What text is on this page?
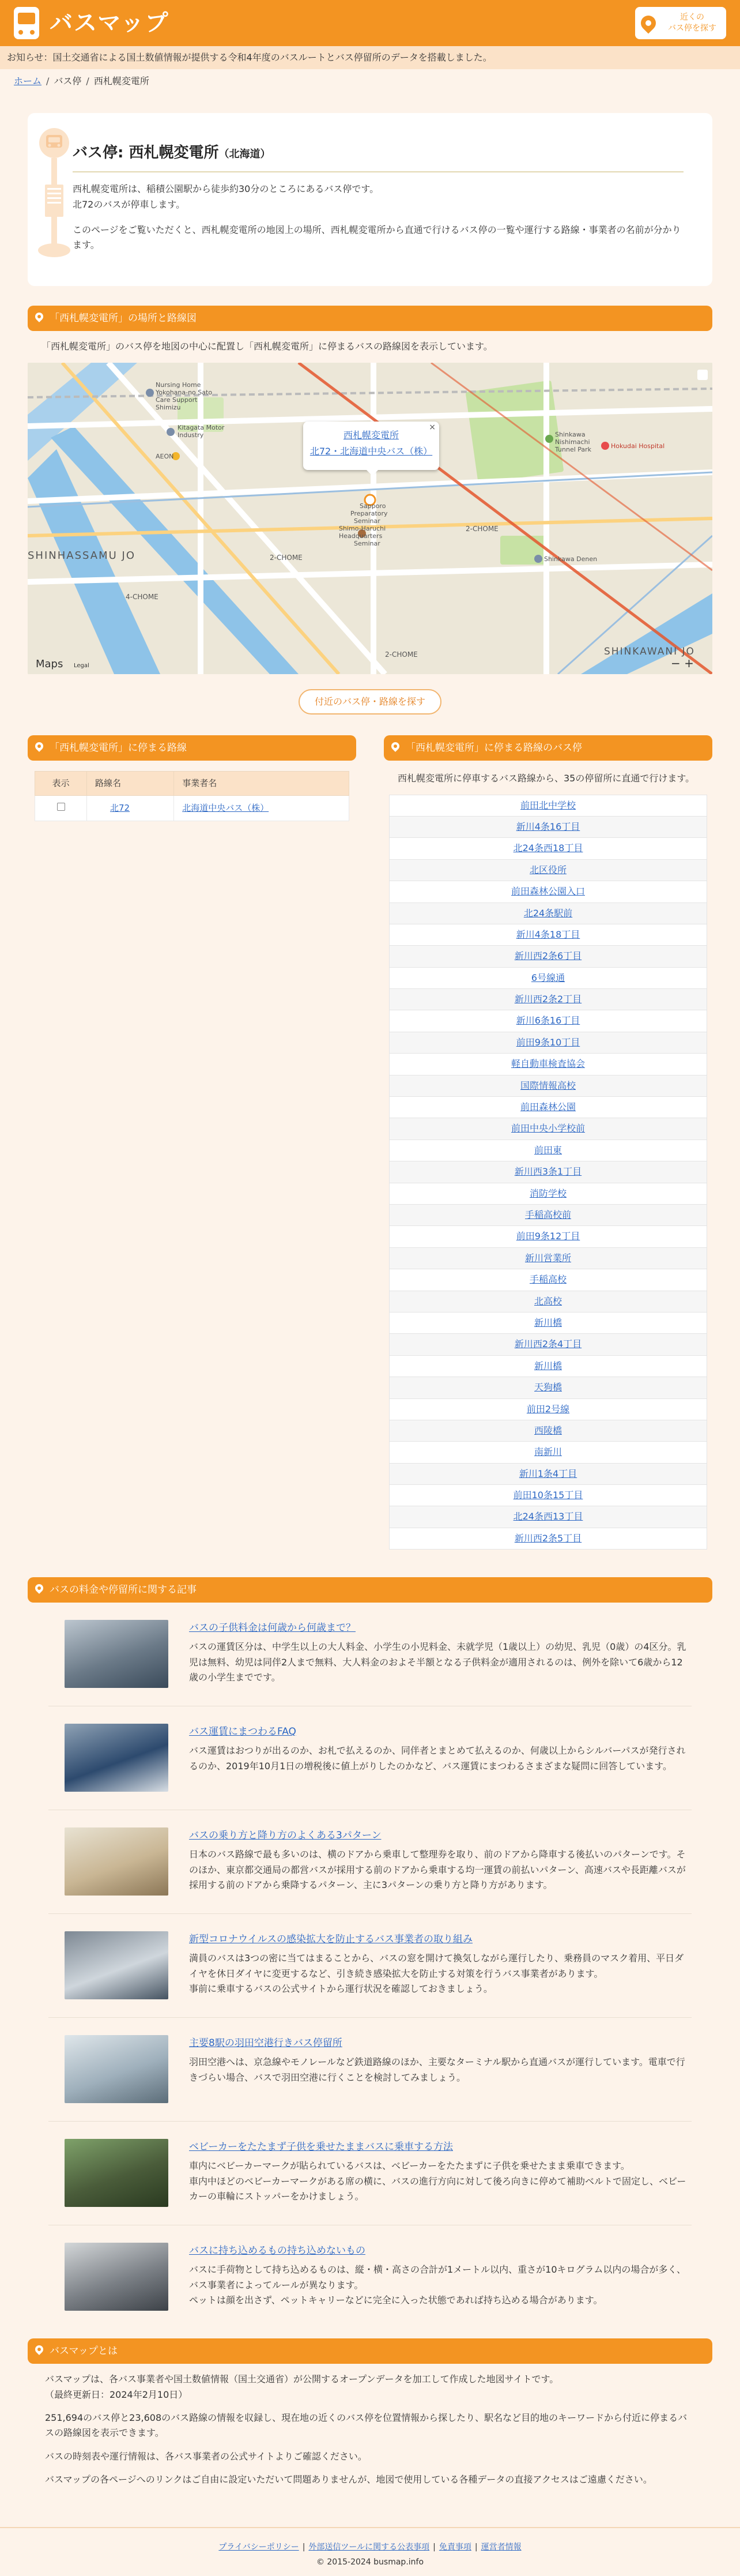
バスマップ	近くの
バス停を探す
お知らせ：国土交通省による国土数値情報が提供する令和4年度のバスルートとバス停留所のデータを搭載しました。
ホーム / バス停 / 西札幌変電所
バス停: 西札幌変電所（北海道）

西札幌変電所は、稲積公園駅から徒歩約30分のところにあるバス停です。
北72のバスが停車します。

このページをご覧いただくと、西札幌変電所の地図上の場所、西札幌変電所から直通で行けるバス停の一覧や運行する路線・事業者の名前が分かります。

「西札幌変電所」の場所と路線図

「西札幌変電所」のバス停を地図の中心に配置し「西札幌変電所」に停まるバスの路線図を表示しています。

Nursing Home
Yokohana-no Sato
Care Support
Shimizu
Kitagata Motor
Industry
AEON
Sapporo
Preparatory
Seminar
Shimo-Haruchi
Headquarters
Seminar
Shinkawa
Nishimachi
Tunnel Park	Hokudai Hospital
Shinkawa Denen
2-CHOME
2-CHOME
4-CHOME
2-CHOME
SHINHASSAMU JO
SHINKAWANI JO
Maps Legal	− +
×
西札幌変電所
北72・北海道中央バス（株）
付近のバス停・路線を探す
「西札幌変電所」に停まる路線
表示	路線名	事業者名
	北72	北海道中央バス（株）
「西札幌変電所」に停まる路線のバス停

西札幌変電所に停車するバス路線から、35の停留所に直通で行けます。

前田北中学校
新川4条16丁目
北24条西18丁目
北区役所
前田森林公園入口
北24条駅前
新川4条18丁目
新川西2条6丁目
6号線通
新川西2条2丁目
新川6条16丁目
前田9条10丁目
軽自動車検査協会
国際情報高校
前田森林公園
前田中央小学校前
前田東
新川西3条1丁目
消防学校
手稲高校前
前田9条12丁目
新川営業所
手稲高校
北高校
新川橋
新川西2条4丁目
新川橋
天狗橋
前田2号線
西陵橋
南新川
新川1条4丁目
前田10条15丁目
北24条西13丁目
新川西2条5丁目
バスの料金や停留所に関する記事
バスの子供料金は何歳から何歳まで？
バスの運賃区分は、中学生以上の大人料金、小学生の小児料金、未就学児（1歳以上）の幼児、乳児（0歳）の4区分。乳児は無料、幼児は同伴2人まで無料、大人料金のおよそ半額となる子供料金が適用されるのは、例外を除いて6歳から12歳の小学生までです。
バス運賃にまつわるFAQ
バス運賃はおつりが出るのか、お札で払えるのか、同伴者とまとめて払えるのか、何歳以上からシルバーパスが発行されるのか、2019年10月1日の増税後に値上がりしたのかなど、バス運賃にまつわるさまざまな疑問に回答しています。
バスの乗り方と降り方のよくある3パターン
日本のバス路線で最も多いのは、横のドアから乗車して整理券を取り、前のドアから降車する後払いのパターンです。そのほか、東京都交通局の都営バスが採用する前のドアから乗車する均一運賃の前払いパターン、高速バスや長距離バスが採用する前のドアから乗降するパターン、主に3パターンの乗り方と降り方があります。
新型コロナウイルスの感染拡大を防止するバス事業者の取り組み
満員のバスは3つの密に当てはまることから、バスの窓を開けて換気しながら運行したり、乗務員のマスク着用、平日ダイヤを休日ダイヤに変更するなど、引き続き感染拡大を防止する対策を行うバス事業者があります。
事前に乗車するバスの公式サイトから運行状況を確認しておきましょう。
主要8駅の羽田空港行きバス停留所
羽田空港へは、京急線やモノレールなど鉄道路線のほか、主要なターミナル駅から直通バスが運行しています。電車で行きづらい場合、バスで羽田空港に行くことを検討してみましょう。
ベビーカーをたたまず子供を乗せたままバスに乗車する方法
車内にベビーカーマークが貼られているバスは、ベビーカーをたたまずに子供を乗せたまま乗車できます。
車内中ほどのベビーカーマークがある席の横に、バスの進行方向に対して後ろ向きに停めて補助ベルトで固定し、ベビーカーの車輪にストッパーをかけましょう。
バスに持ち込めるもの持ち込めないもの
バスに手荷物として持ち込めるものは、縦・横・高さの合計が1メートル以内、重さが10キログラム以内の場合が多く、バス事業者によってルールが異なります。
ペットは顔を出さず、ペットキャリーなどに完全に入った状態であれば持ち込める場合があります。
バスマップとは

バスマップは、各バス事業者や国土数値情報（国土交通省）が公開するオープンデータを加工して作成した地図サイトです。
（最終更新日：2024年2月10日）

251,694のバス停と23,608のバス路線の情報を収録し、現在地の近くのバス停を位置情報から探したり、駅名など目的地のキーワードから付近に停まるバスの路線図を表示できます。

バスの時刻表や運行情報は、各バス事業者の公式サイトよりご確認ください。

バスマップの各ページへのリンクはご自由に設定いただいて問題ありませんが、地図で使用している各種データの直接アクセスはご遠慮ください。

プライバシーポリシー | 外部送信ツールに関する公表事項 | 免責事項 | 運営者情報
© 2015-2024 busmap.info
